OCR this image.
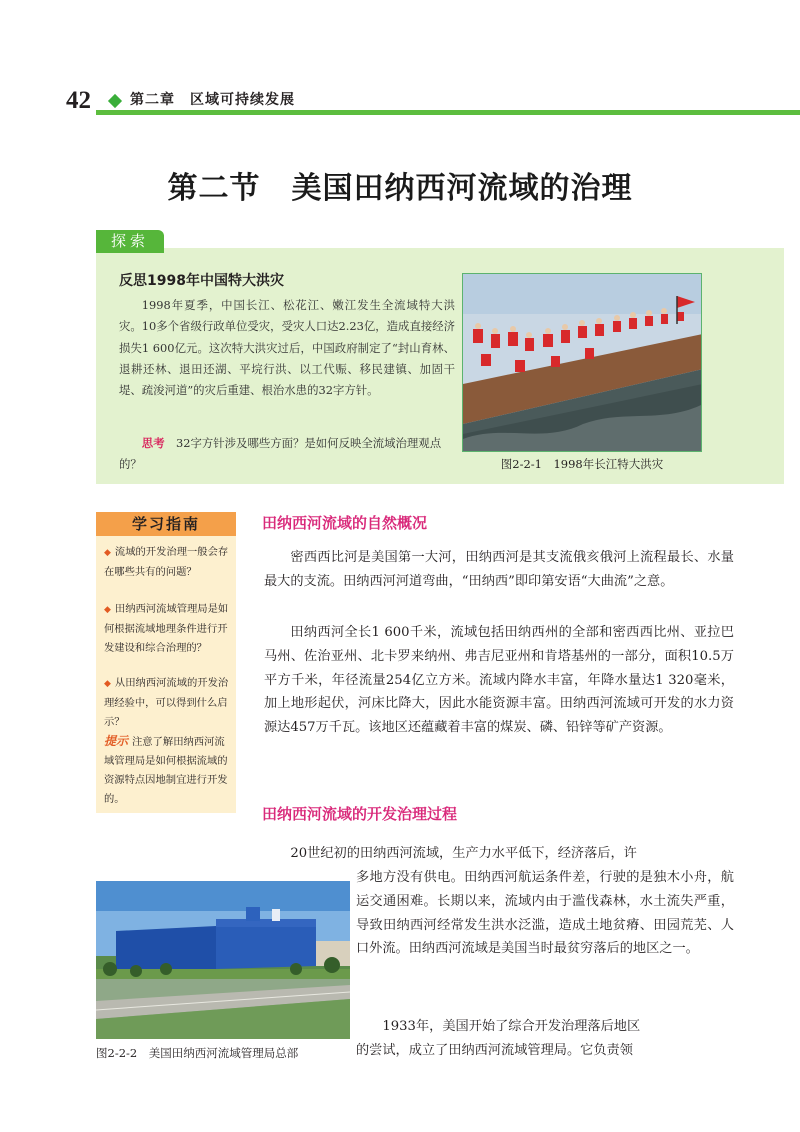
42	第二章　区域可持续发展
第二节　美国田纳西河流域的治理
探索
反思1998年中国特大洪灾
1998年夏季，中国长江、松花江、嫩江发生全流域特大洪灾。10多个省级行政单位受灾，受灾人口达2.23亿，造成直接经济损失1 600亿元。这次特大洪灾过后，中国政府制定了“封山育林、退耕还林、退田还湖、平垸行洪、以工代赈、移民建镇、加固干堤、疏浚河道”的灾后重建、根治水患的32字方针。
思考　 32字方针涉及哪些方面？是如何反映全流域治理观点的？	图2-2-1　1998年长江特大洪灾
学习指南
◆ 流域的开发治理一般会存在哪些共有的问题？
◆ 田纳西河流域管理局是如何根据流域地理条件进行开发建设和综合治理的？
◆ 从田纳西河流域的开发治理经验中，可以得到什么启示？
提示 注意了解田纳西河流域管理局是如何根据流域的资源特点因地制宜进行开发的。
田纳西河流域的自然概况
密西西比河是美国第一大河，田纳西河是其支流俄亥俄河上流程最长、水量最大的支流。田纳西河河道弯曲，“田纳西”即印第安语“大曲流”之意。
田纳西河全长1 600千米，流域包括田纳西州的全部和密西西比州、亚拉巴马州、佐治亚州、北卡罗来纳州、弗吉尼亚州和肯塔基州的一部分，面积10.5万平方千米，年径流量254亿立方米。流域内降水丰富，年降水量达1 320毫米，加上地形起伏，河床比降大，因此水能资源丰富。田纳西河流域可开发的水力资源达457万千瓦。该地区还蕴藏着丰富的煤炭、磷、铅锌等矿产资源。
田纳西河流域的开发治理过程
20世纪初的田纳西河流域，生产力水平低下，经济落后，许
多地方没有供电。田纳西河航运条件差，行驶的是独木小舟，航运交通困难。长期以来，流域内由于滥伐森林，水土流失严重，导致田纳西河经常发生洪水泛滥，造成土地贫瘠、田园荒芜、人口外流。田纳西河流域是美国当时最贫穷落后的地区之一。
1933年，美国开始了综合开发治理落后地区
的尝试，成立了田纳西河流域管理局。它负责领
图2-2-2　美国田纳西河流域管理局总部
